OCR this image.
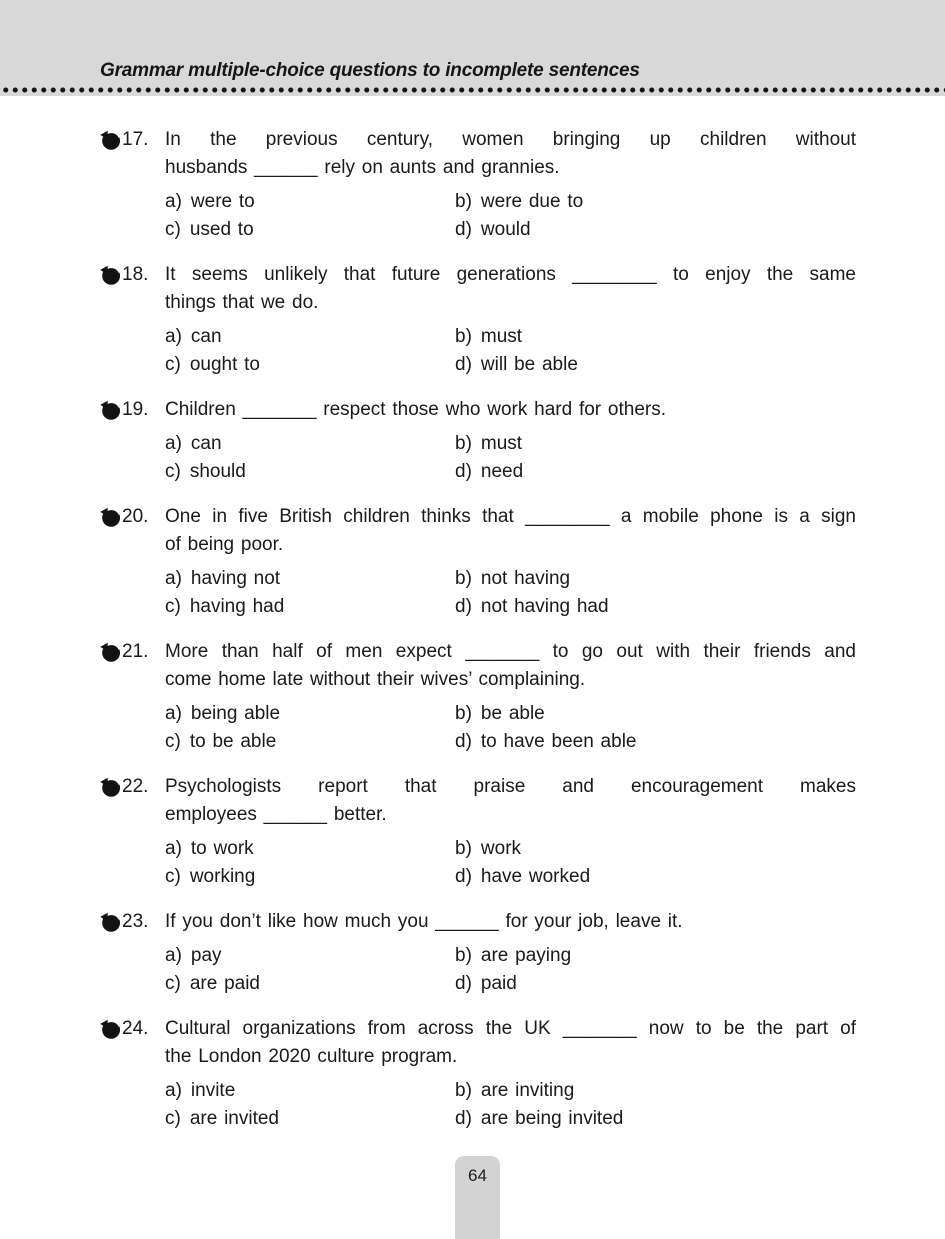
Grammar multiple-choice questions to incomplete sentences
17. In the previous century, women bringing up children without
husbands ______ rely on aunts and grannies.
a) were to	b) were due to
c) used to	d) would
18. It seems unlikely that future generations ________ to enjoy the same
things that we do.
a) can	b) must
c) ought to	d) will be able
19. Children _______ respect those who work hard for others.
a) can	b) must
c) should	d) need
20. One in five British children thinks that ________ a mobile phone is a sign
of being poor.
a) having not	b) not having
c) having had	d) not having had
21. More than half of men expect _______ to go out with their friends and
come home late without their wives’ complaining.
a) being able	b) be able
c) to be able	d) to have been able
22. Psychologists report that praise and encouragement makes
employees ______ better.
a) to work	b) work
c) working	d) have worked
23. If you don’t like how much you ______ for your job, leave it.
a) pay	b) are paying
c) are paid	d) paid
24. Cultural organizations from across the UK _______ now to be the part of
the London 2020 culture program.
a) invite	b) are inviting
c) are invited	d) are being invited
64
